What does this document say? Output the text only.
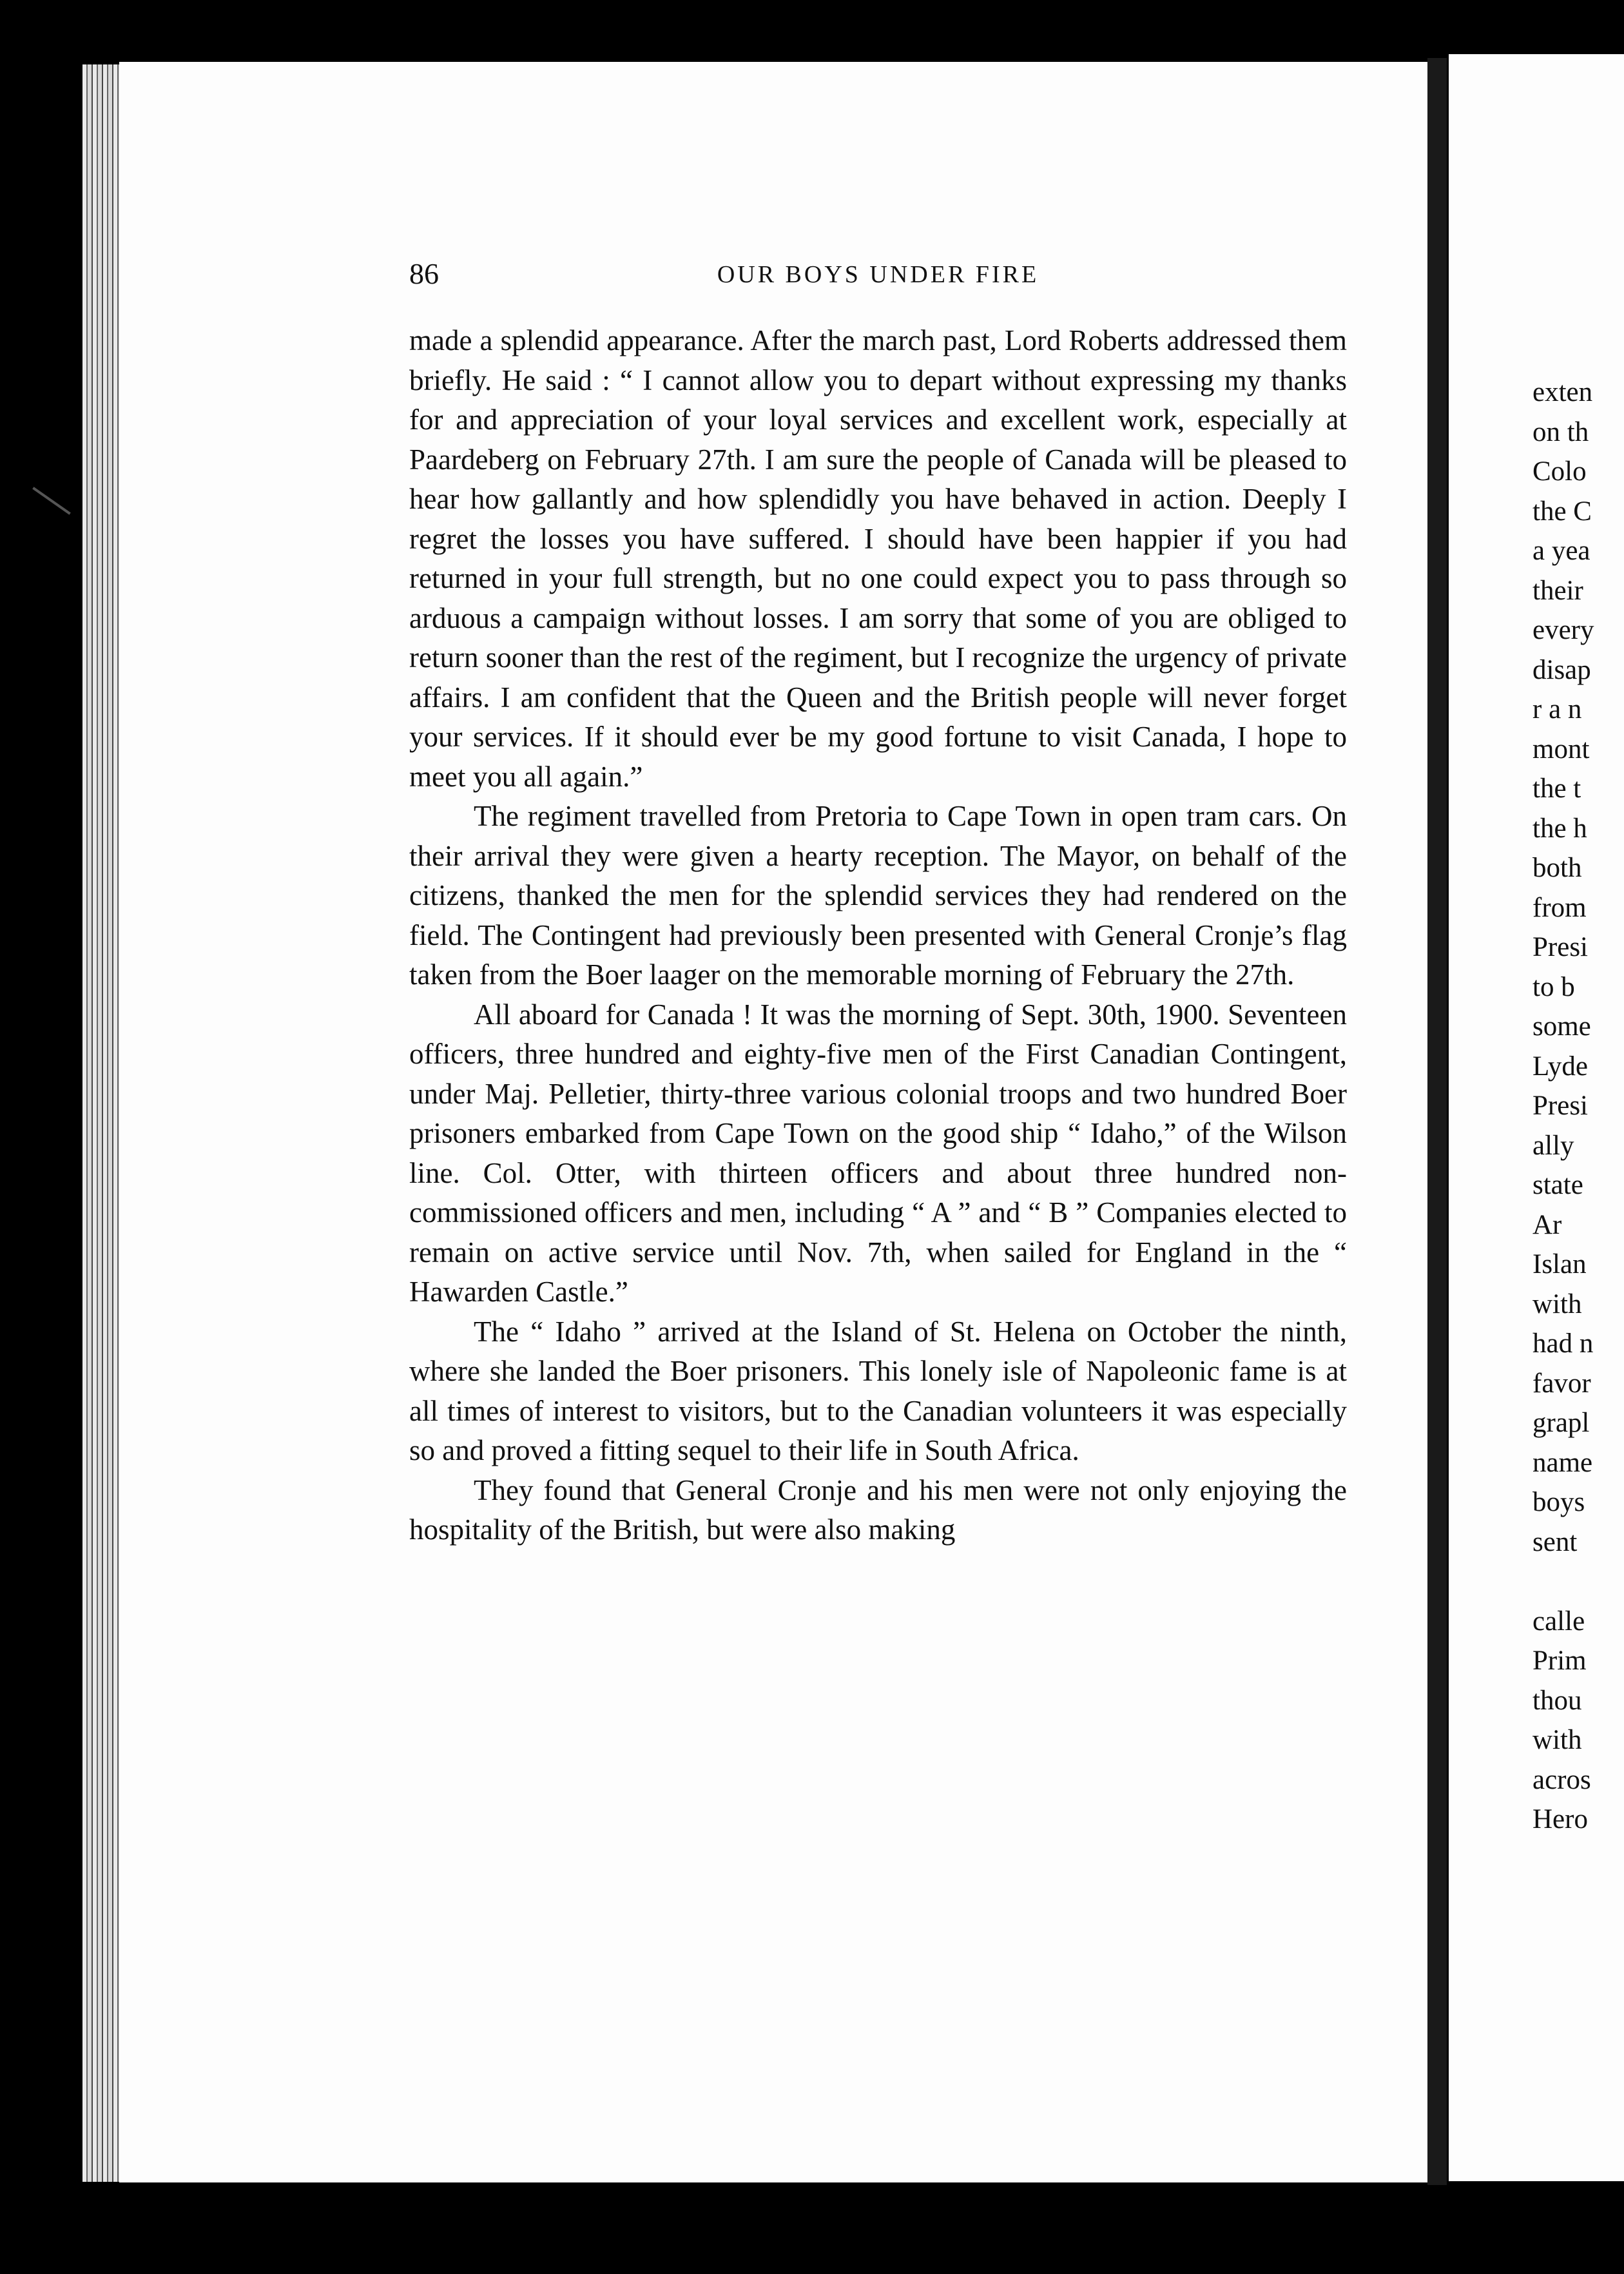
86	OUR BOYS UNDER FIRE

made a splendid appearance. After the march past, Lord Roberts addressed them briefly. He said : “ I cannot allow you to depart without expressing my thanks for and appreciation of your loyal services and excellent work, especially at Paardeberg on February 27th. I am sure the people of Canada will be pleased to hear how gallantly and how splendidly you have behaved in action. Deeply I regret the losses you have suffered. I should have been happier if you had returned in your full strength, but no one could expect you to pass through so arduous a campaign without losses. I am sorry that some of you are obliged to return sooner than the rest of the regiment, but I recognize the urgency of private affairs. I am confident that the Queen and the British people will never forget your services. If it should ever be my good fortune to visit Canada, I hope to meet you all again.”

The regiment travelled from Pretoria to Cape Town in open tram cars. On their arrival they were given a hearty reception. The Mayor, on behalf of the citizens, thanked the men for the splendid services they had rendered on the field. The Contingent had previously been presented with General Cronje’s flag taken from the Boer laager on the memorable morning of February the 27th.

All aboard for Canada ! It was the morning of Sept. 30th, 1900. Seventeen officers, three hundred and eighty-five men of the First Canadian Contingent, under Maj. Pelletier, thirty-three various colonial troops and two hundred Boer prisoners embarked from Cape Town on the good ship “ Idaho,” of the Wilson line. Col. Otter, with thirteen officers and about three hundred non-commissioned officers and men, including “ A ” and “ B ” Companies elected to remain on active service until Nov. 7th, when sailed for England in the “ Hawarden Castle.”

The “ Idaho ” arrived at the Island of St. Helena on October the ninth, where she landed the Boer prisoners. This lonely isle of Napoleonic fame is at all times of interest to visitors, but to the Canadian volunteers it was especially so and proved a fitting sequel to their life in South Africa.

They found that General Cronje and his men were not only enjoying the hospitality of the British, but were also making

exten
on th
Colo
the C
a yea
their
every
disap
r a n
mont
the t
the h
both
from
Presi
to b
some
Lyde
Presi
ally
state
Ar
Islan
with
had n
favor
grapl
name
boys
sent
calle
Prim
thou
with
acros
Hero
